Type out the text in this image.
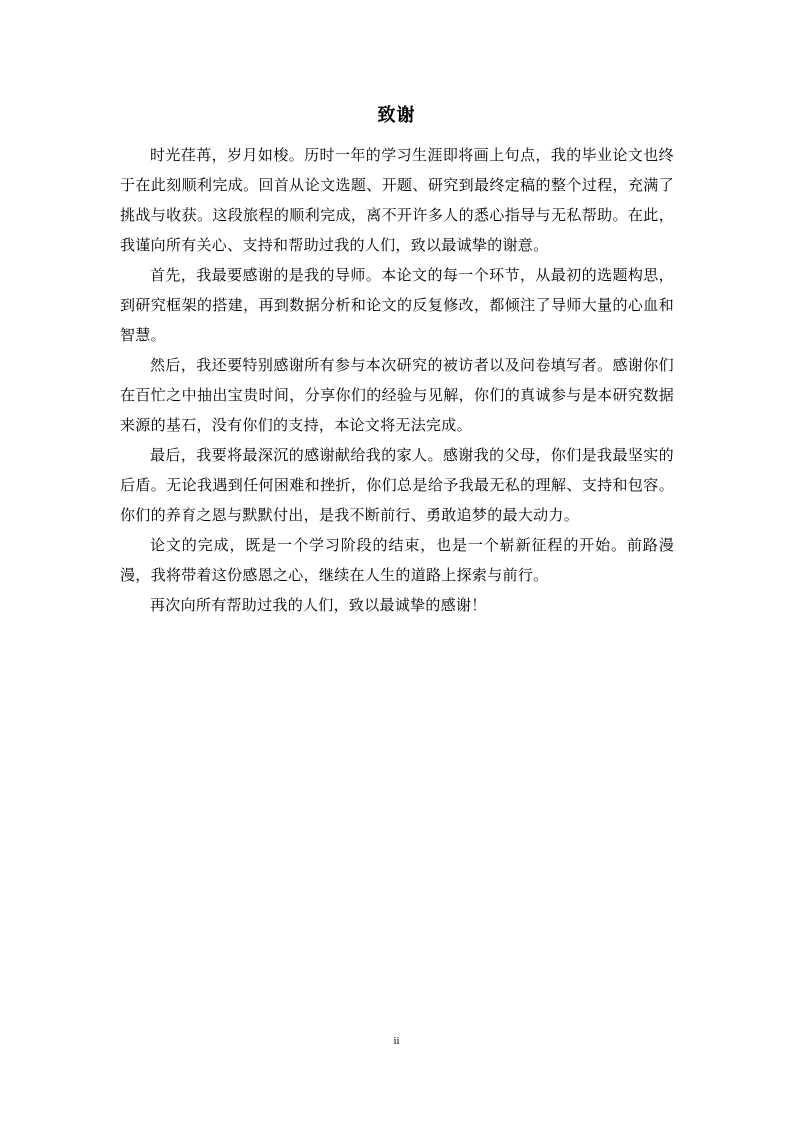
致谢

时光荏苒，岁月如梭。历时一年的学习生涯即将画上句点，我的毕业论文也终于在此刻顺利完成。回首从论文选题、开题、研究到最终定稿的整个过程，充满了挑战与收获。这段旅程的顺利完成，离不开许多人的悉心指导与无私帮助。在此，我谨向所有关心、支持和帮助过我的人们，致以最诚挚的谢意。

首先，我最要感谢的是我的导师。本论文的每一个环节，从最初的选题构思，到研究框架的搭建，再到数据分析和论文的反复修改，都倾注了导师大量的心血和智慧。

然后，我还要特别感谢所有参与本次研究的被访者以及问卷填写者。感谢你们在百忙之中抽出宝贵时间，分享你们的经验与见解，你们的真诚参与是本研究数据来源的基石，没有你们的支持，本论文将无法完成。

最后，我要将最深沉的感谢献给我的家人。感谢我的父母，你们是我最坚实的后盾。无论我遇到任何困难和挫折，你们总是给予我最无私的理解、支持和包容。你们的养育之恩与默默付出，是我不断前行、勇敢追梦的最大动力。

论文的完成，既是一个学习阶段的结束，也是一个崭新征程的开始。前路漫漫，我将带着这份感恩之心，继续在人生的道路上探索与前行。

再次向所有帮助过我的人们，致以最诚挚的感谢！

ii
